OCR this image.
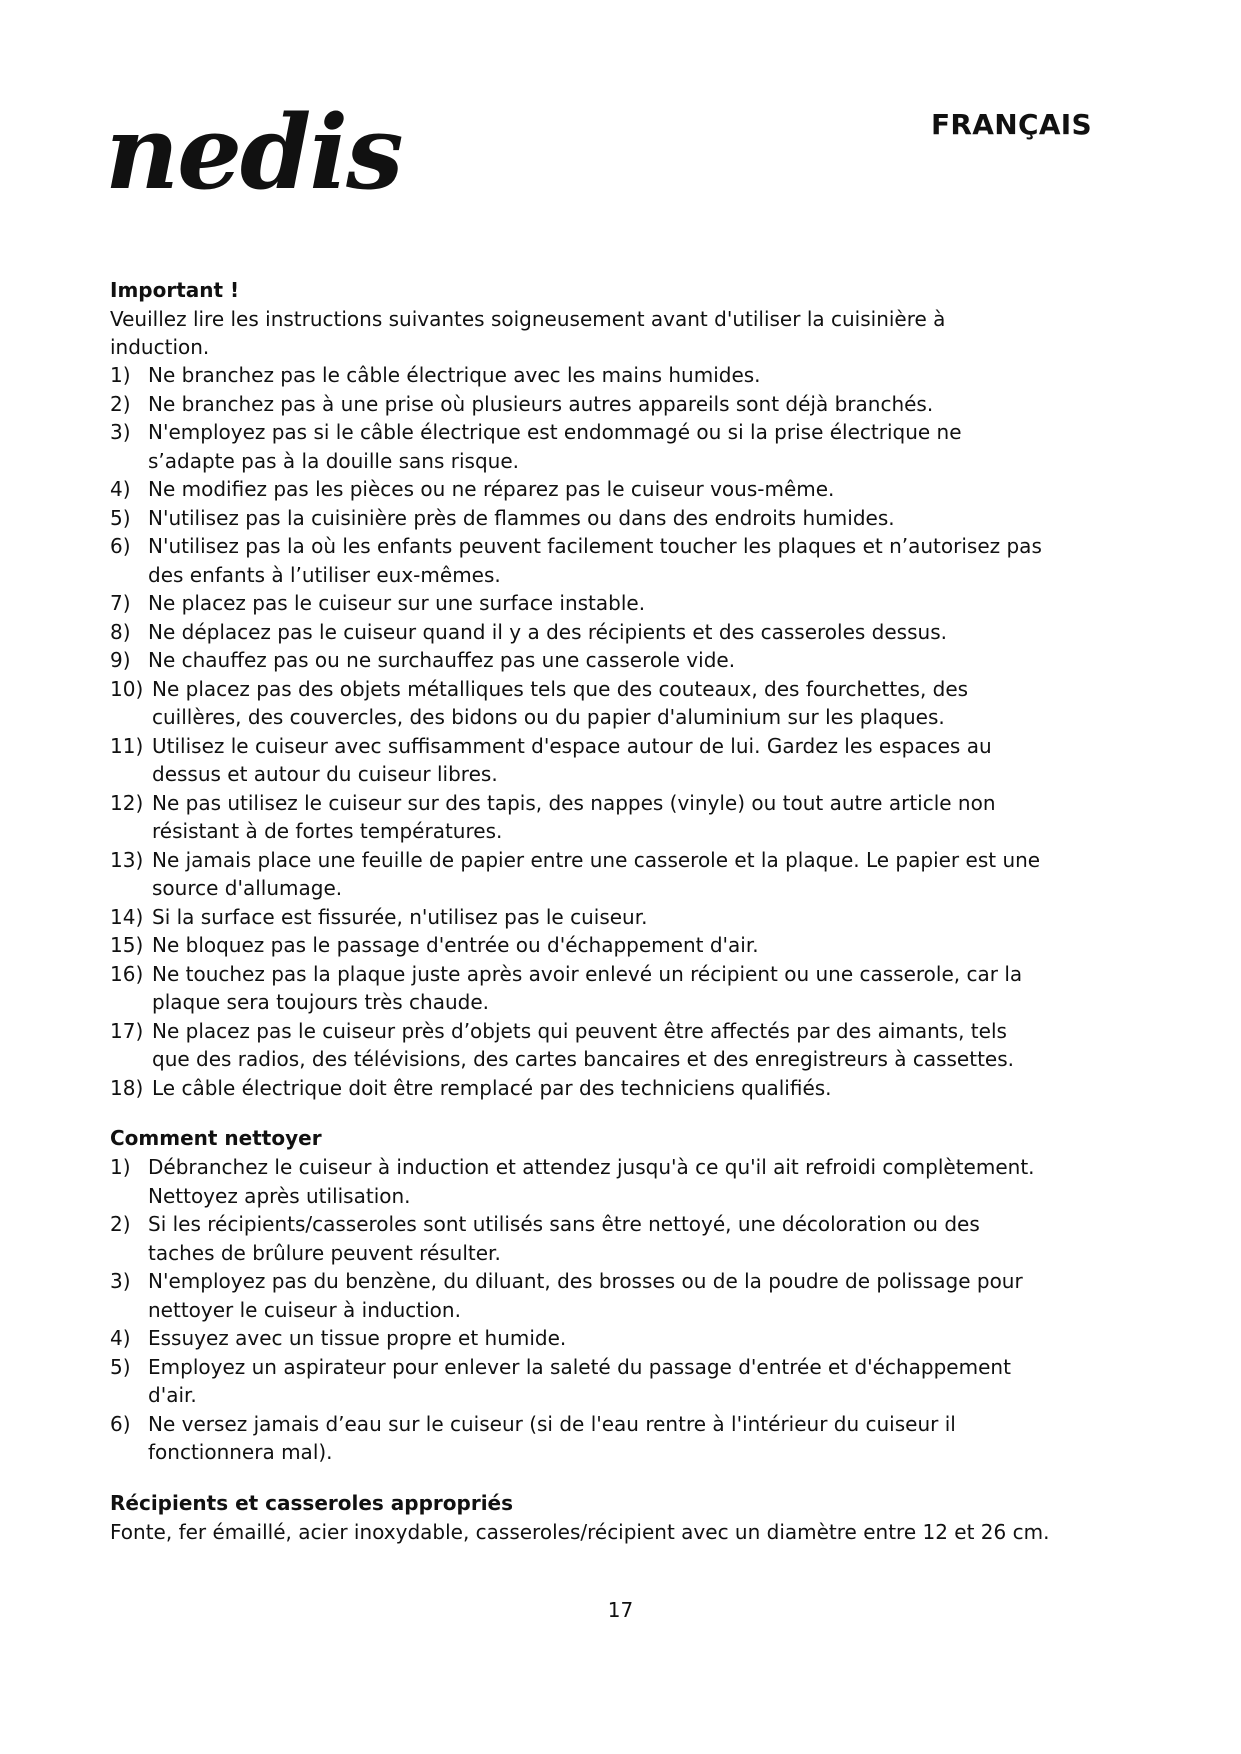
nedis	FRANÇAIS

Important !

Veuillez lire les instructions suivantes soigneusement avant d'utiliser la cuisinière à induction.

1) Ne branchez pas le câble électrique avec les mains humides.
2) Ne branchez pas à une prise où plusieurs autres appareils sont déjà branchés.
3) N'employez pas si le câble électrique est endommagé ou si la prise électrique ne s’adapte pas à la douille sans risque.
4) Ne modifiez pas les pièces ou ne réparez pas le cuiseur vous-même.
5) N'utilisez pas la cuisinière près de flammes ou dans des endroits humides.
6) N'utilisez pas la où les enfants peuvent facilement toucher les plaques et n’autorisez pas des enfants à l’utiliser eux-mêmes.
7) Ne placez pas le cuiseur sur une surface instable.
8) Ne déplacez pas le cuiseur quand il y a des récipients et des casseroles dessus.
9) Ne chauffez pas ou ne surchauffez pas une casserole vide.
10) Ne placez pas des objets métalliques tels que des couteaux, des fourchettes, des cuillères, des couvercles, des bidons ou du papier d'aluminium sur les plaques.
11) Utilisez le cuiseur avec suffisamment d'espace autour de lui. Gardez les espaces au dessus et autour du cuiseur libres.
12) Ne pas utilisez le cuiseur sur des tapis, des nappes (vinyle) ou tout autre article non résistant à de fortes températures.
13) Ne jamais place une feuille de papier entre une casserole et la plaque. Le papier est une source d'allumage.
14) Si la surface est fissurée, n'utilisez pas le cuiseur.
15) Ne bloquez pas le passage d'entrée ou d'échappement d'air.
16) Ne touchez pas la plaque juste après avoir enlevé un récipient ou une casserole, car la plaque sera toujours très chaude.
17) Ne placez pas le cuiseur près d’objets qui peuvent être affectés par des aimants, tels que des radios, des télévisions, des cartes bancaires et des enregistreurs à cassettes.
18) Le câble électrique doit être remplacé par des techniciens qualifiés.

Comment nettoyer

1) Débranchez le cuiseur à induction et attendez jusqu'à ce qu'il ait refroidi complètement. Nettoyez après utilisation.
2) Si les récipients/casseroles sont utilisés sans être nettoyé, une décoloration ou des taches de brûlure peuvent résulter.
3) N'employez pas du benzène, du diluant, des brosses ou de la poudre de polissage pour nettoyer le cuiseur à induction.
4) Essuyez avec un tissue propre et humide.
5) Employez un aspirateur pour enlever la saleté du passage d'entrée et d'échappement d'air.
6) Ne versez jamais d’eau sur le cuiseur (si de l'eau rentre à l'intérieur du cuiseur il fonctionnera mal).

Récipients et casseroles appropriés

Fonte, fer émaillé, acier inoxydable, casseroles/récipient avec un diamètre entre 12 et 26 cm.

17
